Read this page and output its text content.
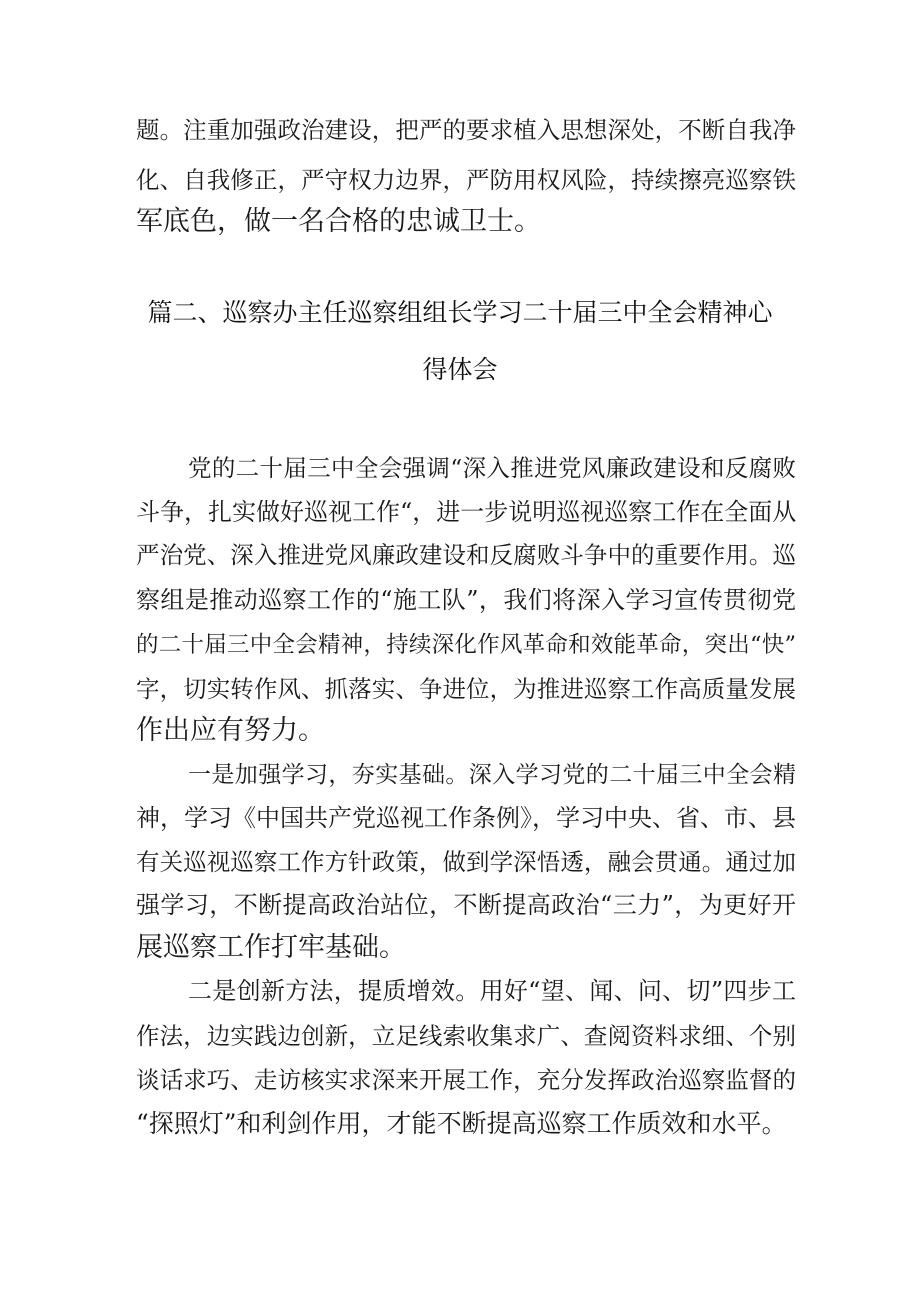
题。注重加强政治建设，把严的要求植入思想深处，不断自我净
化、自我修正，严守权力边界，严防用权风险，持续擦亮巡察铁
军底色，做一名合格的忠诚卫士。
篇二、巡察办主任巡察组组长学习二十届三中全会精神心
得体会
党的二十届三中全会强调“深入推进党风廉政建设和反腐败
斗争，扎实做好巡视工作“，进一步说明巡视巡察工作在全面从
严治党、深入推进党风廉政建设和反腐败斗争中的重要作用。巡
察组是推动巡察工作的“施工队”，我们将深入学习宣传贯彻党
的二十届三中全会精神，持续深化作风革命和效能革命，突出“快”
字，切实转作风、抓落实、争进位，为推进巡察工作高质量发展
作出应有努力。
一是加强学习，夯实基础。深入学习党的二十届三中全会精
神，学习《中国共产党巡视工作条例》，学习中央、省、市、县
有关巡视巡察工作方针政策，做到学深悟透，融会贯通。通过加
强学习，不断提高政治站位，不断提高政治“三力”，为更好开
展巡察工作打牢基础。
二是创新方法，提质增效。用好“望、闻、问、切”四步工
作法，边实践边创新，立足线索收集求广、查阅资料求细、个别
谈话求巧、走访核实求深来开展工作，充分发挥政治巡察监督的
“探照灯”和利剑作用，才能不断提高巡察工作质效和水平。
